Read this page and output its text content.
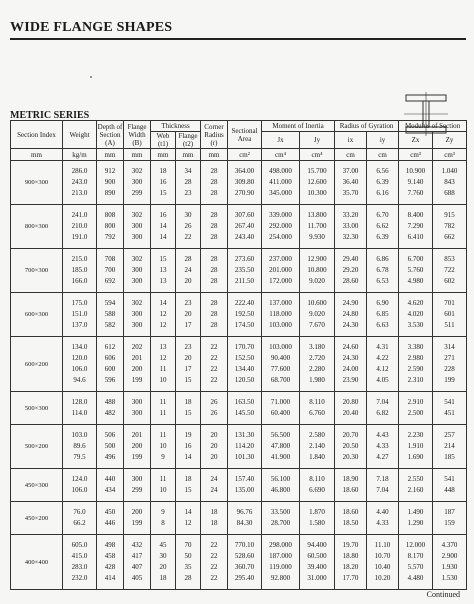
WIDE FLANGE SHAPES
METRIC SERIES
Section Index	Weight	Depth of Section (A)	Flange Width (B)	Thickness		Corner Radius (r)	Sectional Area	Moment of Inertia		Radius of Gyration		Modulus of Section	
				Web (t1)	Flange (t2)			Jx	Jy	ix	iy	Zx	Zy
mm	kg/m	mm	mm	mm	mm	mm	cm²	cm⁴	cm⁴	cm	cm	cm³	cm³
900×300													
	286.0	912	302	18	34	28	364.00	498.000	15.700	37.00	6.56	10.900	1.040
	243.0	900	300	16	28	28	309.80	411.000	12.600	36.40	6.39	9.140	843
	213.0	890	299	15	23	28	270.90	345.000	10.300	35.70	6.16	7.760	688

800×300													
	241.0	808	302	16	30	28	307.60	339.000	13.800	33.20	6.70	8.400	915
	210.0	800	300	14	26	28	267.40	292.000	11.700	33.00	6.62	7.290	782
	191.0	792	300	14	22	28	243.40	254.000	9.930	32.30	6.39	6.410	662

700×300													
	215.0	708	302	15	28	28	273.60	237.000	12.900	29.40	6.86	6.700	853
	185.0	700	300	13	24	28	235.50	201.000	10.800	29.20	6.78	5.760	722
	166.0	692	300	13	20	28	211.50	172.000	9.020	28.60	6.53	4.980	602

600×300													
	175.0	594	302	14	23	28	222.40	137.000	10.600	24.90	6.90	4.620	701
	151.0	588	300	12	20	28	192.50	118.000	9.020	24.80	6.85	4.020	601
	137.0	582	300	12	17	28	174.50	103.000	7.670	24.30	6.63	3.530	511

600×200													
	134.0	612	202	13	23	22	170.70	103.000	3.180	24.60	4.31	3.380	314
	120.0	606	201	12	20	22	152.50	90.400	2.720	24.30	4.22	2.980	271
	106.0	600	200	11	17	22	134.40	77.600	2.280	24.00	4.12	2.590	228
	94.6	596	199	10	15	22	120.50	68.700	1.980	23.90	4.05	2.310	199

500×300													
	128.0	488	300	11	18	26	163.50	71.000	8.110	20.80	7.04	2.910	541
	114.0	482	300	11	15	26	145.50	60.400	6.760	20.40	6.82	2.500	451

500×200													
	103.0	506	201	11	19	20	131.30	56.500	2.580	20.70	4.43	2.230	257
	89.6	500	200	10	16	20	114.20	47.800	2.140	20.50	4.33	1.910	214
	79.5	496	199	9	14	20	101.30	41.900	1.840	20.30	4.27	1.690	185

450×300													
	124.0	440	300	11	18	24	157.40	56.100	8.110	18.90	7.18	2.550	541
	106.0	434	299	10	15	24	135.00	46.800	6.690	18.60	7.04	2.160	448

450×200													
	76.0	450	200	9	14	18	96.76	33.500	1.870	18.60	4.40	1.490	187
	66.2	446	199	8	12	18	84.30	28.700	1.580	18.50	4.33	1.290	159

400×400													
	605.0	498	432	45	70	22	770.10	298.000	94.400	19.70	11.10	12.000	4.370
	415.0	458	417	30	50	22	528.60	187.000	60.500	18.80	10.70	8.170	2.900
	283.0	428	407	20	35	22	360.70	119.000	39.400	18.20	10.40	5.570	1.930
	232.0	414	405	18	28	22	295.40	92.800	31.000	17.70	10.20	4.480	1.530

Continued
